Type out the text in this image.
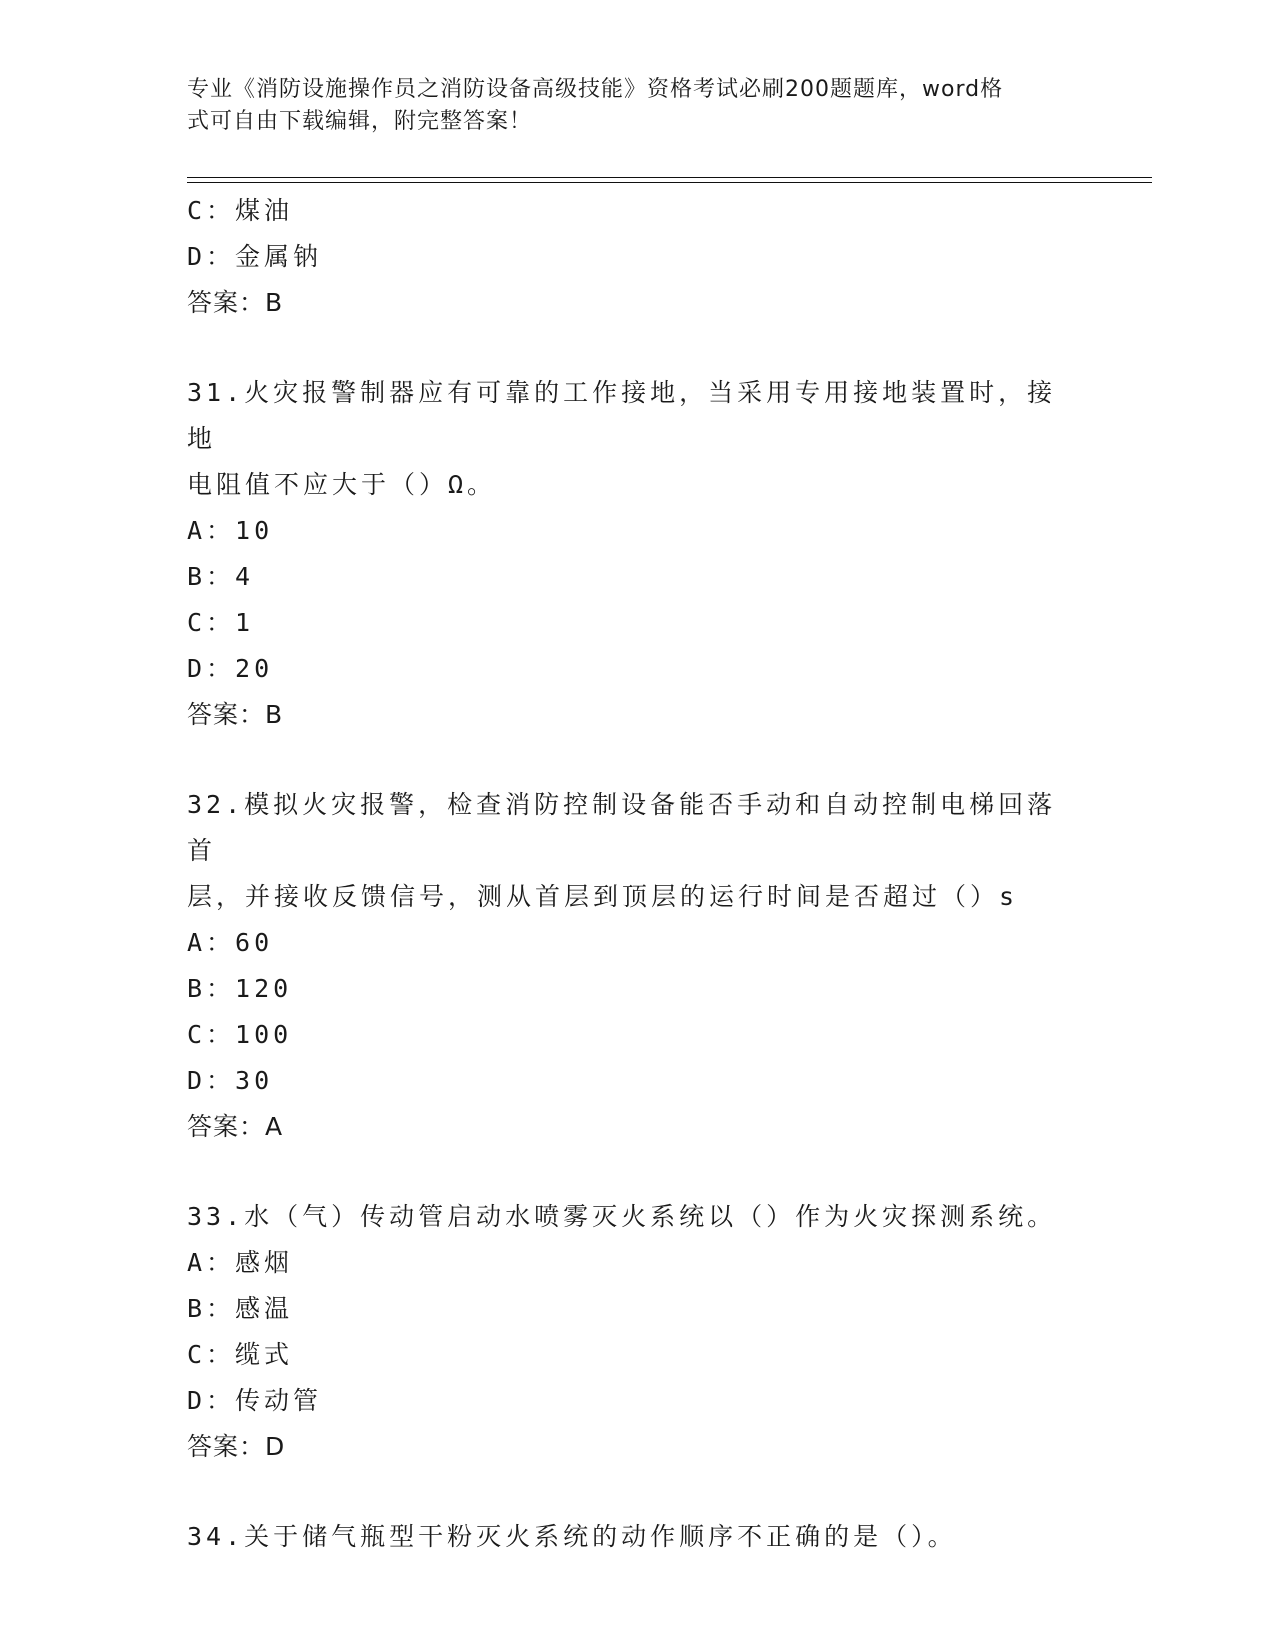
专业《消防设施操作员之消防设备高级技能》资格考试必刷200题题库，word格

式可自由下载编辑，附完整答案！

C：煤油
D：金属钠
答案：B
31.火灾报警制器应有可靠的工作接地，当采用专用接地装置时，接地
电阻值不应大于（）Ω。
A：10
B：4
C：1
D：20
答案：B
32.模拟火灾报警，检查消防控制设备能否手动和自动控制电梯回落首
层，并接收反馈信号，测从首层到顶层的运行时间是否超过（）s
A：60
B：120
C：100
D：30
答案：A
33.水（气）传动管启动水喷雾灭火系统以（）作为火灾探测系统。
A：感烟
B：感温
C：缆式
D：传动管
答案：D
34.关于储气瓶型干粉灭火系统的动作顺序不正确的是（）。
